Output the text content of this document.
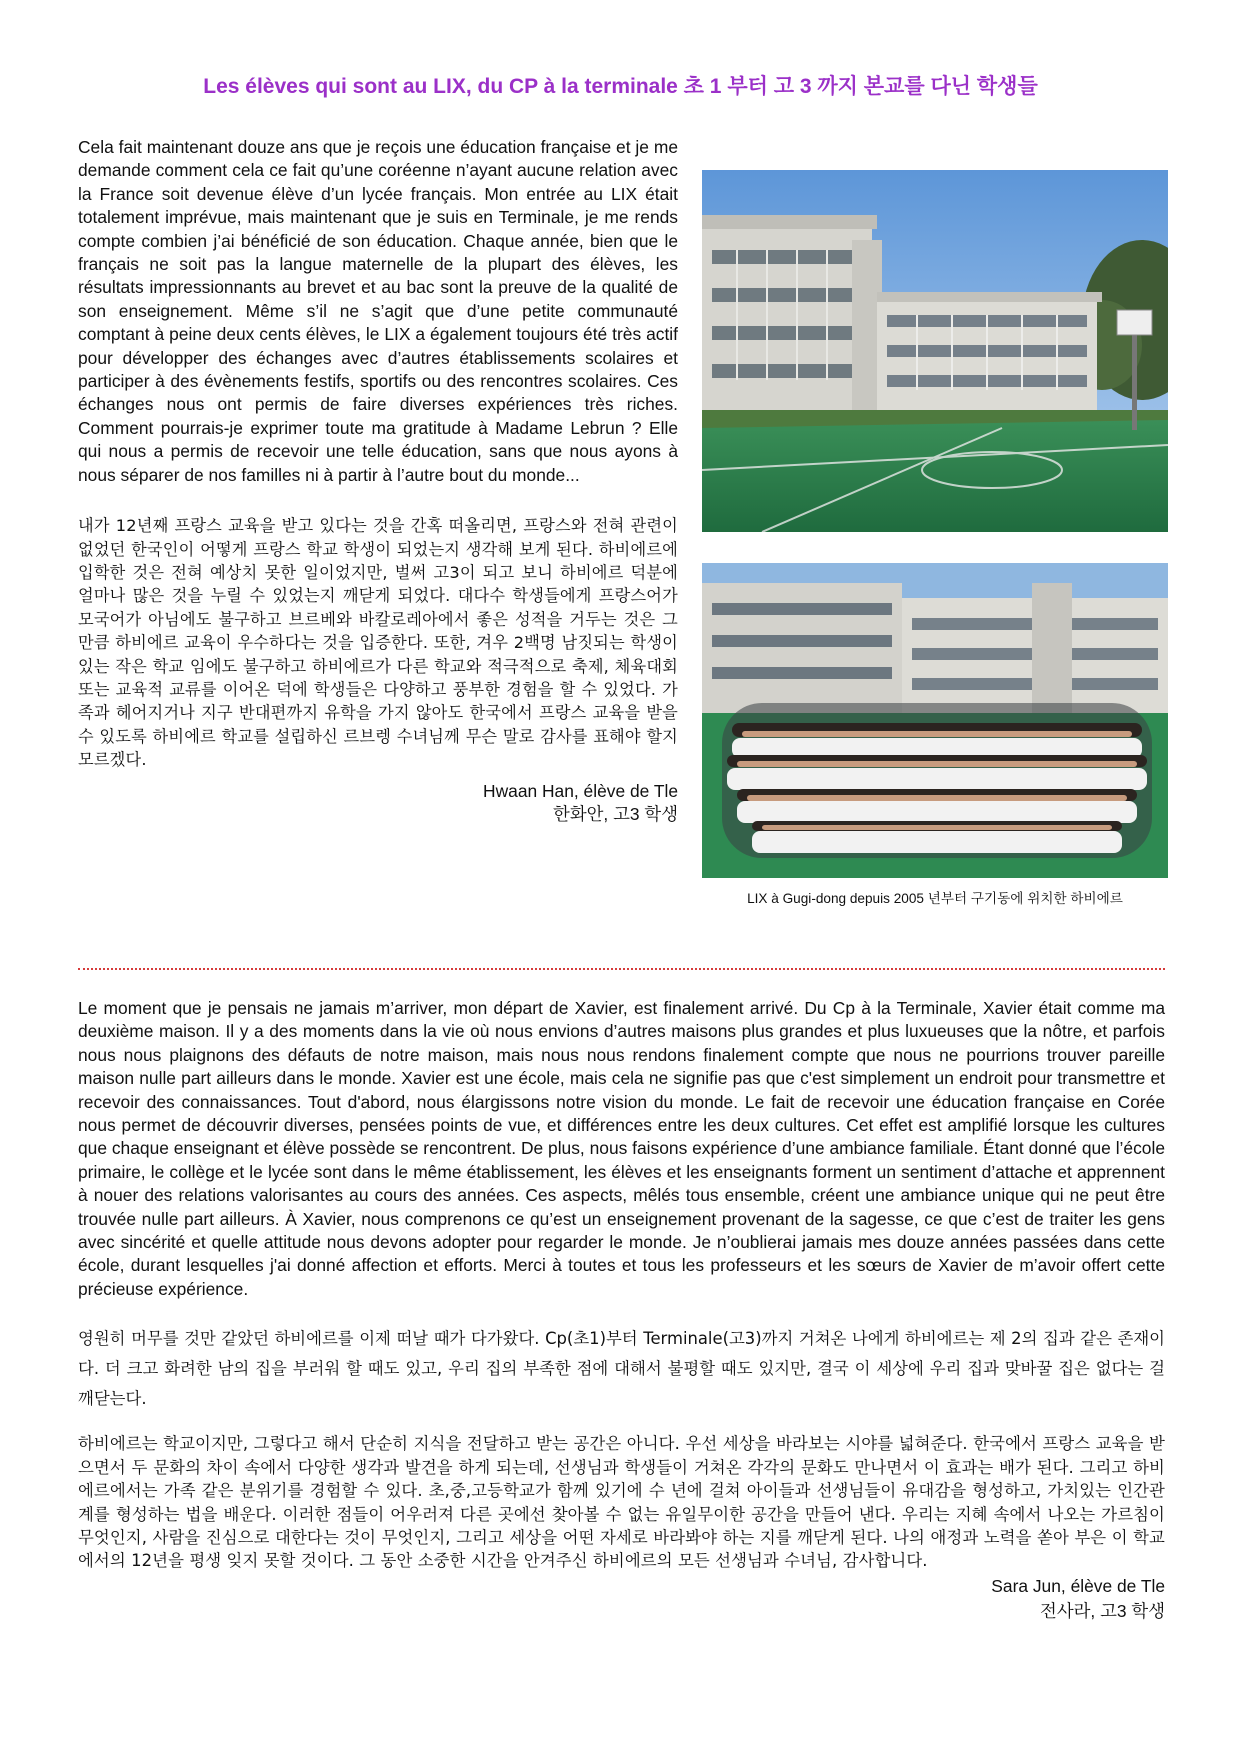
Les élèves qui sont au LIX, du CP à la terminale 초 1 부터 고 3 까지 본교를 다닌 학생들

Cela fait maintenant douze ans que je reçois une éducation française et je me demande comment cela ce fait qu’une coréenne n’ayant aucune relation avec la France soit devenue élève d’un lycée français. Mon entrée au LIX était totalement imprévue, mais maintenant que je suis en Terminale, je me rends compte combien j’ai bénéficié de son éducation. Chaque année, bien que le français ne soit pas la langue maternelle de la plupart des élèves, les résultats impressionnants au brevet et au bac sont la preuve de la qualité de son enseignement. Même s’il ne s’agit que d’une petite communauté comptant à peine deux cents élèves, le LIX a également toujours été très actif pour développer des échanges avec d’autres établissements scolaires et participer à des évènements festifs, sportifs ou des rencontres scolaires. Ces échanges nous ont permis de faire diverses expériences très riches. Comment pourrais-je exprimer toute ma gratitude à Madame Lebrun ? Elle qui nous a permis de recevoir une telle éducation, sans que nous ayons à nous séparer de nos familles ni à partir à l’autre bout du monde...

내가 12년째 프랑스 교육을 받고 있다는 것을 간혹 떠올리면, 프랑스와 전혀 관련이 없었던 한국인이 어떻게 프랑스 학교 학생이 되었는지 생각해 보게 된다. 하비에르에 입학한 것은 전혀 예상치 못한 일이었지만, 벌써 고3이 되고 보니 하비에르 덕분에 얼마나 많은 것을 누릴 수 있었는지 깨닫게 되었다. 대다수 학생들에게 프랑스어가 모국어가 아님에도 불구하고 브르베와 바칼로레아에서 좋은 성적을 거두는 것은 그 만큼 하비에르 교육이 우수하다는 것을 입증한다. 또한, 겨우 2백명 남짓되는 학생이 있는 작은 학교 임에도 불구하고 하비에르가 다른 학교와 적극적으로 축제, 체육대회 또는 교육적 교류를 이어온 덕에 학생들은 다양하고 풍부한 경험을 할 수 있었다. 가족과 헤어지거나 지구 반대편까지 유학을 가지 않아도 한국에서 프랑스 교육을 받을 수 있도록 하비에르 학교를 설립하신 르브렝 수녀님께 무슨 말로 감사를 표해야 할지 모르겠다.

Hwaan Han, élève de Tle
한화안, 고3 학생
LIX à Gugi-dong depuis 2005 년부터 구기동에 위치한 하비에르

Le moment que je pensais ne jamais m’arriver, mon départ de Xavier, est finalement arrivé. Du Cp à la Terminale, Xavier était comme ma deuxième maison. Il y a des moments dans la vie où nous envions d’autres maisons plus grandes et plus luxueuses que la nôtre, et parfois nous nous plaignons des défauts de notre maison, mais nous nous rendons finalement compte que nous ne pourrions trouver pareille maison nulle part ailleurs dans le monde. Xavier est une école, mais cela ne signifie pas que c'est simplement un endroit pour transmettre et recevoir des connaissances. Tout d'abord, nous élargissons notre vision du monde. Le fait de recevoir une éducation française en Corée nous permet de découvrir diverses, pensées points de vue, et différences entre les deux cultures. Cet effet est amplifié lorsque les cultures que chaque enseignant et élève possède se rencontrent. De plus, nous faisons expérience d’une ambiance familiale. Étant donné que l’école primaire, le collège et le lycée sont dans le même établissement, les élèves et les enseignants forment un sentiment d’attache et apprennent à nouer des relations valorisantes au cours des années. Ces aspects, mêlés tous ensemble, créent une ambiance unique qui ne peut être trouvée nulle part ailleurs. À Xavier, nous comprenons ce qu’est un enseignement provenant de la sagesse, ce que c’est de traiter les gens avec sincérité et quelle attitude nous devons adopter pour regarder le monde. Je n’oublierai jamais mes douze années passées dans cette école, durant lesquelles j'ai donné affection et efforts. Merci à toutes et tous les professeurs et les sœurs de Xavier de m’avoir offert cette précieuse expérience.

영원히 머무를 것만 같았던 하비에르를 이제 떠날 때가 다가왔다. Cp(초1)부터 Terminale(고3)까지 거쳐온 나에게 하비에르는 제 2의 집과 같은 존재이다. 더 크고 화려한 남의 집을 부러워 할 때도 있고, 우리 집의 부족한 점에 대해서 불평할 때도 있지만, 결국 이 세상에 우리 집과 맞바꿀 집은 없다는 걸 깨닫는다.

하비에르는 학교이지만, 그렇다고 해서 단순히 지식을 전달하고 받는 공간은 아니다. 우선 세상을 바라보는 시야를 넓혀준다. 한국에서 프랑스 교육을 받으면서 두 문화의 차이 속에서 다양한 생각과 발견을 하게 되는데, 선생님과 학생들이 거쳐온 각각의 문화도 만나면서 이 효과는 배가 된다. 그리고 하비에르에서는 가족 같은 분위기를 경험할 수 있다. 초,중,고등학교가 함께 있기에 수 년에 걸쳐 아이들과 선생님들이 유대감을 형성하고, 가치있는 인간관계를 형성하는 법을 배운다. 이러한 점들이 어우러져 다른 곳에선 찾아볼 수 없는 유일무이한 공간을 만들어 낸다. 우리는 지혜 속에서 나오는 가르침이 무엇인지, 사람을 진심으로 대한다는 것이 무엇인지, 그리고 세상을 어떤 자세로 바라봐야 하는 지를 깨닫게 된다. 나의 애정과 노력을 쏟아 부은 이 학교에서의 12년을 평생 잊지 못할 것이다. 그 동안 소중한 시간을 안겨주신 하비에르의 모든 선생님과 수녀님, 감사합니다.

Sara Jun, élève de Tle
전사라, 고3 학생
